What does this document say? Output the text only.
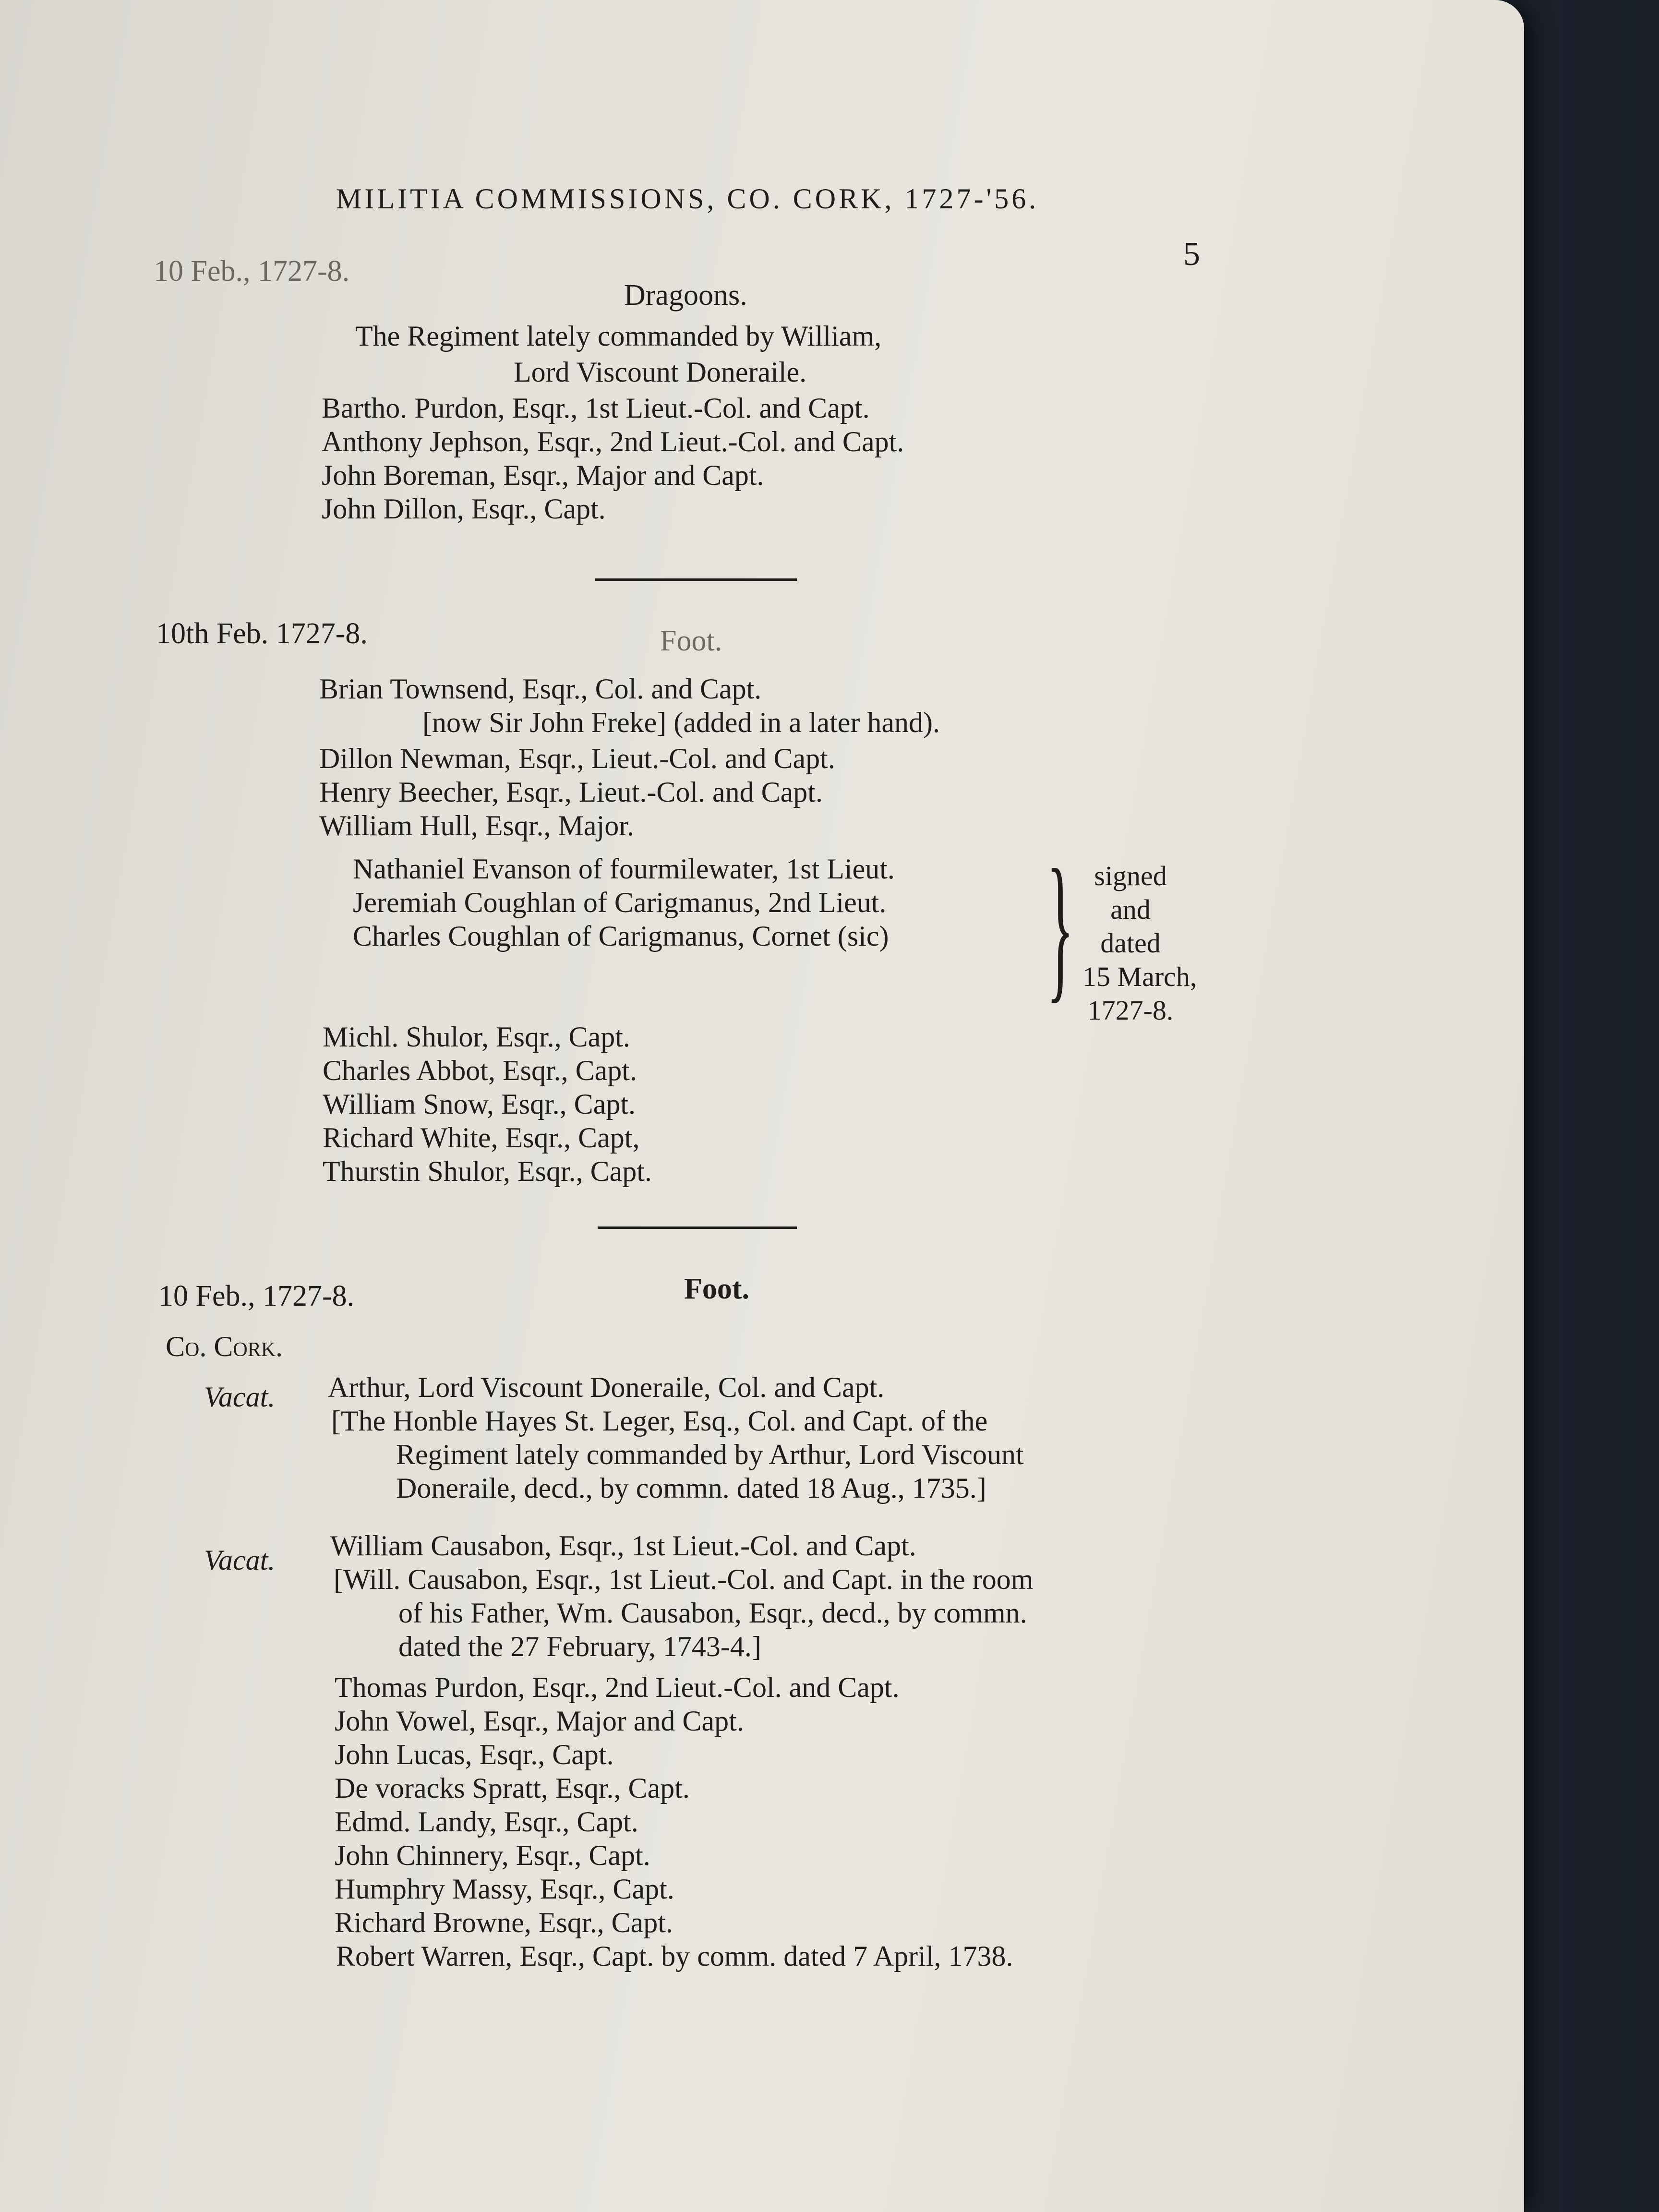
MILITIA COMMISSIONS, CO. CORK, 1727-'56.
5
10 Feb., 1727-8.
Dragoons.
The Regiment lately commanded by William,
Lord Viscount Doneraile.
Bartho. Purdon, Esqr., 1st Lieut.-Col. and Capt.
Anthony Jephson, Esqr., 2nd Lieut.-Col. and Capt.
John Boreman, Esqr., Major and Capt.
John Dillon, Esqr., Capt.
10th Feb. 1727-8.	Foot.
Brian Townsend, Esqr., Col. and Capt.
[now Sir John Freke] (added in a later hand).
Dillon Newman, Esqr., Lieut.-Col. and Capt.
Henry Beecher, Esqr., Lieut.-Col. and Capt.
William Hull, Esqr., Major.
Nathaniel Evanson of fourmilewater, 1st Lieut.
Jeremiah Coughlan of Carigmanus, 2nd Lieut.
Charles Coughlan of Carigmanus, Cornet (sic) } signed
and
dated
15 March,
1727-8.
Michl. Shulor, Esqr., Capt.
Charles Abbot, Esqr., Capt.
William Snow, Esqr., Capt.
Richard White, Esqr., Capt,
Thurstin Shulor, Esqr., Capt.
10 Feb., 1727-8.	Foot.
Co. Cork.
Vacat. Arthur, Lord Viscount Doneraile, Col. and Capt.
[The Honble Hayes St. Leger, Esq., Col. and Capt. of the
Regiment lately commanded by Arthur, Lord Viscount
Doneraile, decd., by commn. dated 18 Aug., 1735.]
Vacat. William Causabon, Esqr., 1st Lieut.-Col. and Capt.
[Will. Causabon, Esqr., 1st Lieut.-Col. and Capt. in the room
of his Father, Wm. Causabon, Esqr., decd., by commn.
dated the 27 February, 1743-4.]
Thomas Purdon, Esqr., 2nd Lieut.-Col. and Capt.
John Vowel, Esqr., Major and Capt.
John Lucas, Esqr., Capt.
De voracks Spratt, Esqr., Capt.
Edmd. Landy, Esqr., Capt.
John Chinnery, Esqr., Capt.
Humphry Massy, Esqr., Capt.
Richard Browne, Esqr., Capt.
Robert Warren, Esqr., Capt. by comm. dated 7 April, 1738.
